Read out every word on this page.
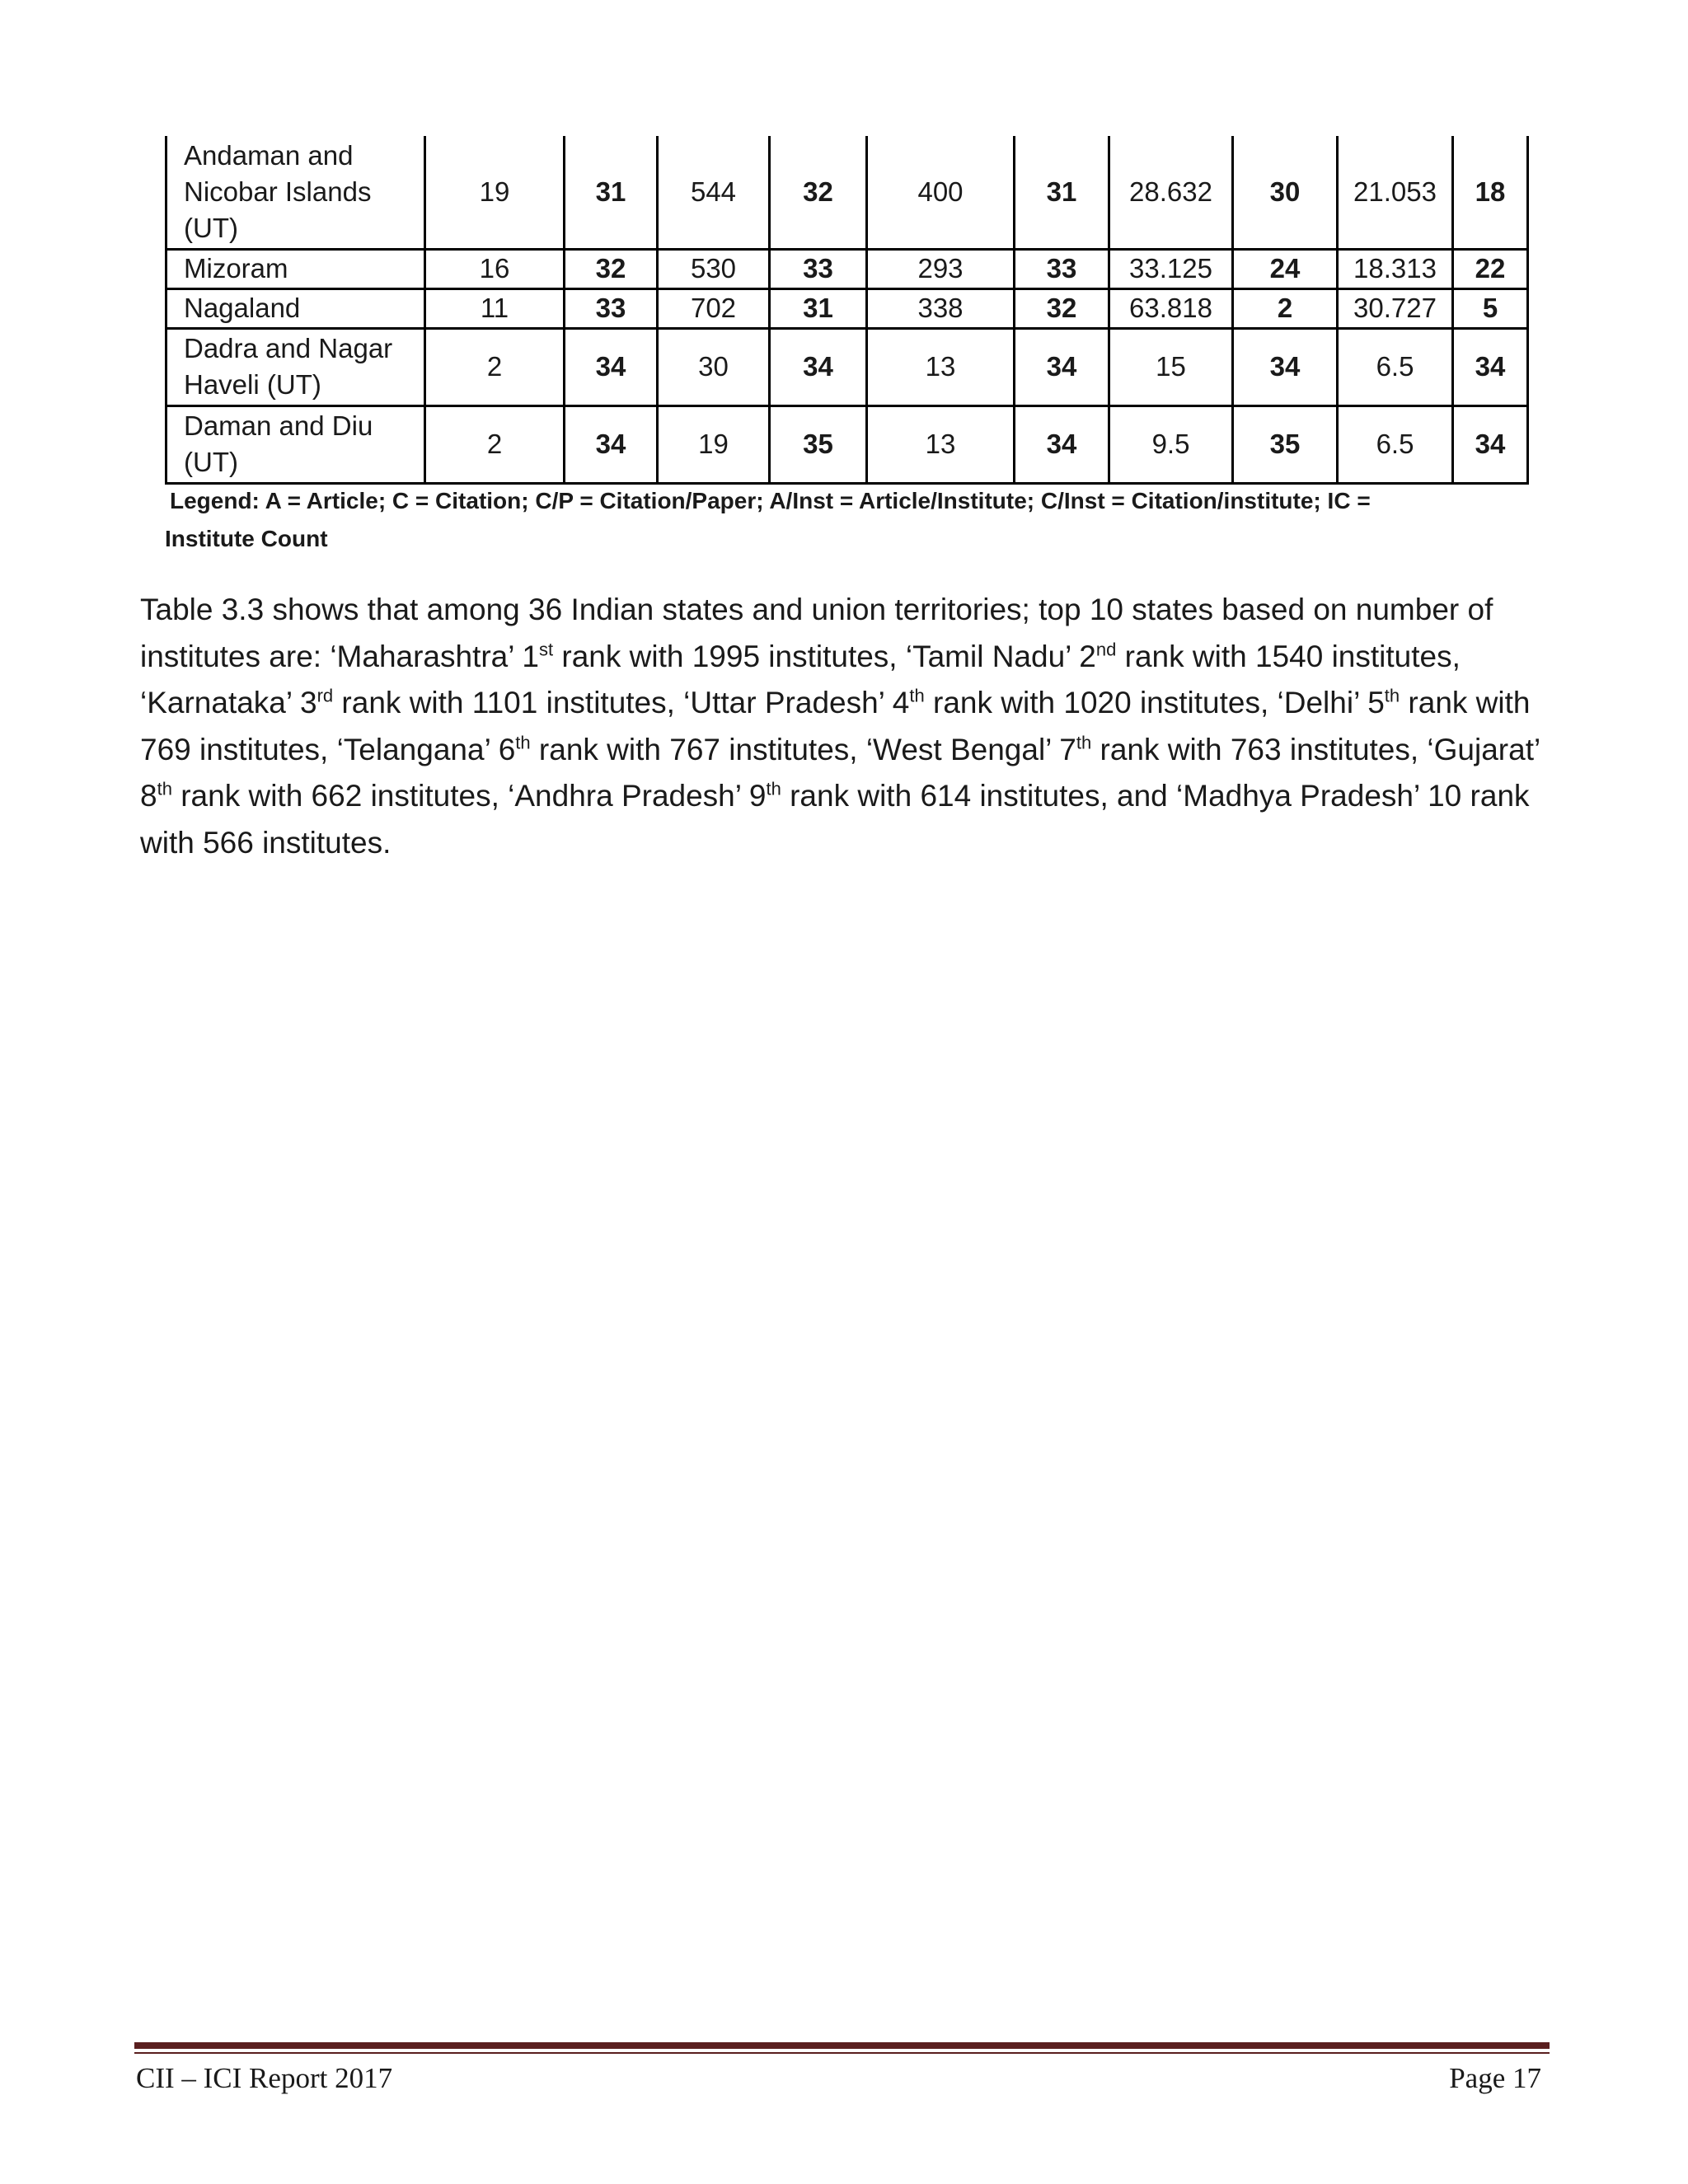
Andaman and Nicobar Islands (UT)	19	31	544	32	400	31	28.632	30	21.053	18
Mizoram	16	32	530	33	293	33	33.125	24	18.313	22
Nagaland	11	33	702	31	338	32	63.818	2	30.727	5
Dadra and Nagar Haveli (UT)	2	34	30	34	13	34	15	34	6.5	34
Daman and Diu (UT)	2	34	19	35	13	34	9.5	35	6.5	34
Legend: A = Article; C = Citation; C/P = Citation/Paper; A/Inst = Article/Institute; C/Inst = Citation/institute; IC =
Institute Count

Table 3.3 shows that among 36 Indian states and union territories; top 10 states based on number of institutes are: ‘Maharashtra’ 1st rank with 1995 institutes, ‘Tamil Nadu’ 2nd rank with 1540 institutes, ‘Karnataka’ 3rd rank with 1101 institutes, ‘Uttar Pradesh’ 4th rank with 1020 institutes, ‘Delhi’ 5th rank with 769 institutes, ‘Telangana’ 6th rank with 767 institutes, ‘West Bengal’ 7th rank with 763 institutes, ‘Gujarat’ 8th rank with 662 institutes, ‘Andhra Pradesh’ 9th rank with 614 institutes, and ‘Madhya Pradesh’ 10 rank with 566 institutes.

CII – ICI Report 2017	Page 17
